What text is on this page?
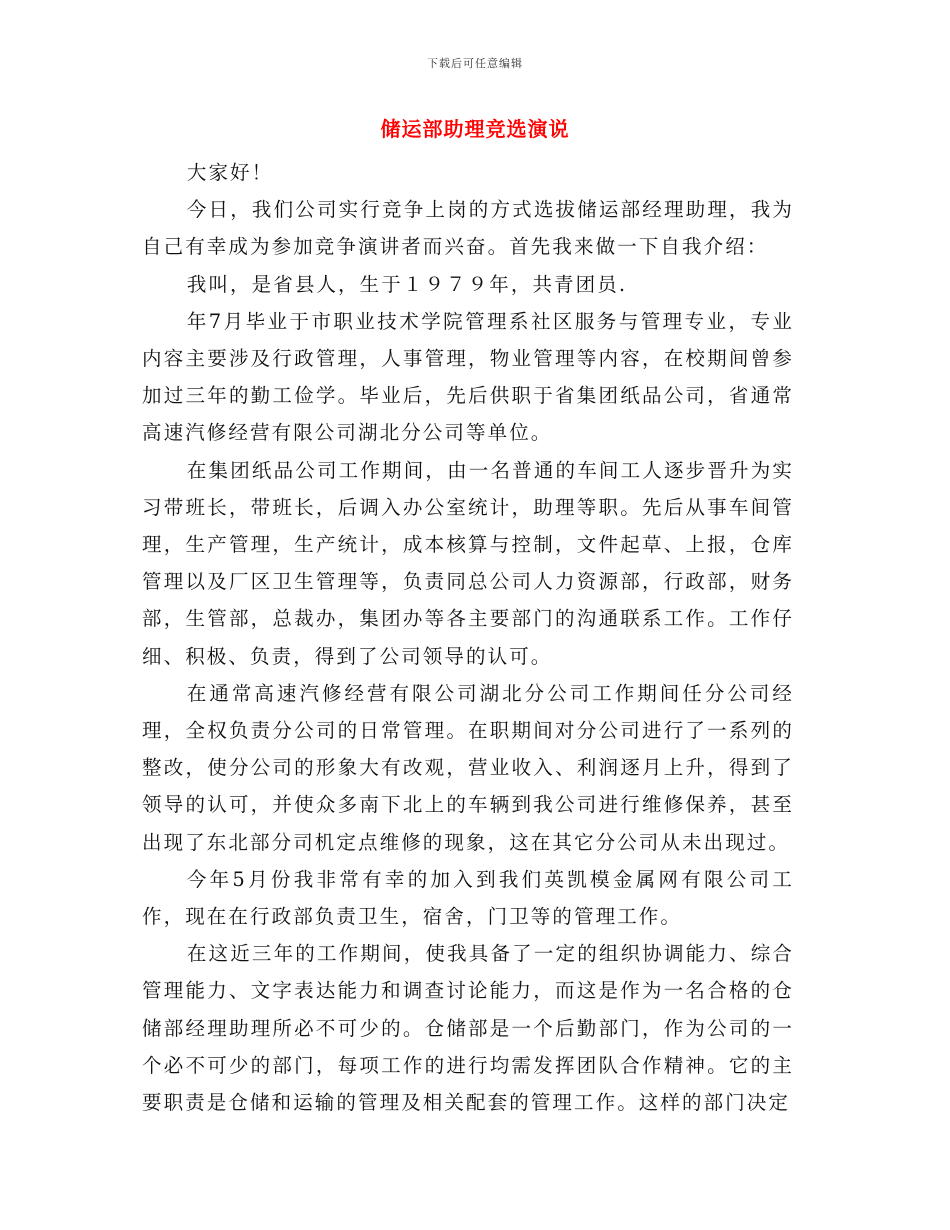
下载后可任意编辑
储运部助理竞选演说

大家好！

今日，我们公司实行竞争上岗的方式选拔储运部经理助理，我为自己有幸成为参加竞争演讲者而兴奋。首先我来做一下自我介绍：

我叫，是省县人，生于１９７９年，共青团员.

年7月毕业于市职业技术学院管理系社区服务与管理专业，专业内容主要涉及行政管理，人事管理，物业管理等内容，在校期间曾参加过三年的勤工俭学。毕业后，先后供职于省集团纸品公司，省通常高速汽修经营有限公司湖北分公司等单位。

在集团纸品公司工作期间，由一名普通的车间工人逐步晋升为实习带班长，带班长，后调入办公室统计，助理等职。先后从事车间管理，生产管理，生产统计，成本核算与控制，文件起草、上报，仓库管理以及厂区卫生管理等，负责同总公司人力资源部，行政部，财务部，生管部，总裁办，集团办等各主要部门的沟通联系工作。工作仔细、积极、负责，得到了公司领导的认可。

在通常高速汽修经营有限公司湖北分公司工作期间任分公司经理，全权负责分公司的日常管理。在职期间对分公司进行了一系列的整改，使分公司的形象大有改观，营业收入、利润逐月上升，得到了领导的认可，并使众多南下北上的车辆到我公司进行维修保养，甚至出现了东北部分司机定点维修的现象，这在其它分公司从未出现过。

今年5月份我非常有幸的加入到我们英凯模金属网有限公司工作，现在在行政部负责卫生，宿舍，门卫等的管理工作。

在这近三年的工作期间，使我具备了一定的组织协调能力、综合管理能力、文字表达能力和调查讨论能力，而这是作为一名合格的仓储部经理助理所必不可少的。仓储部是一个后勤部门，作为公司的一个必不可少的部门，每项工作的进行均需发挥团队合作精神。它的主要职责是仓储和运输的管理及相关配套的管理工作。这样的部门决定
